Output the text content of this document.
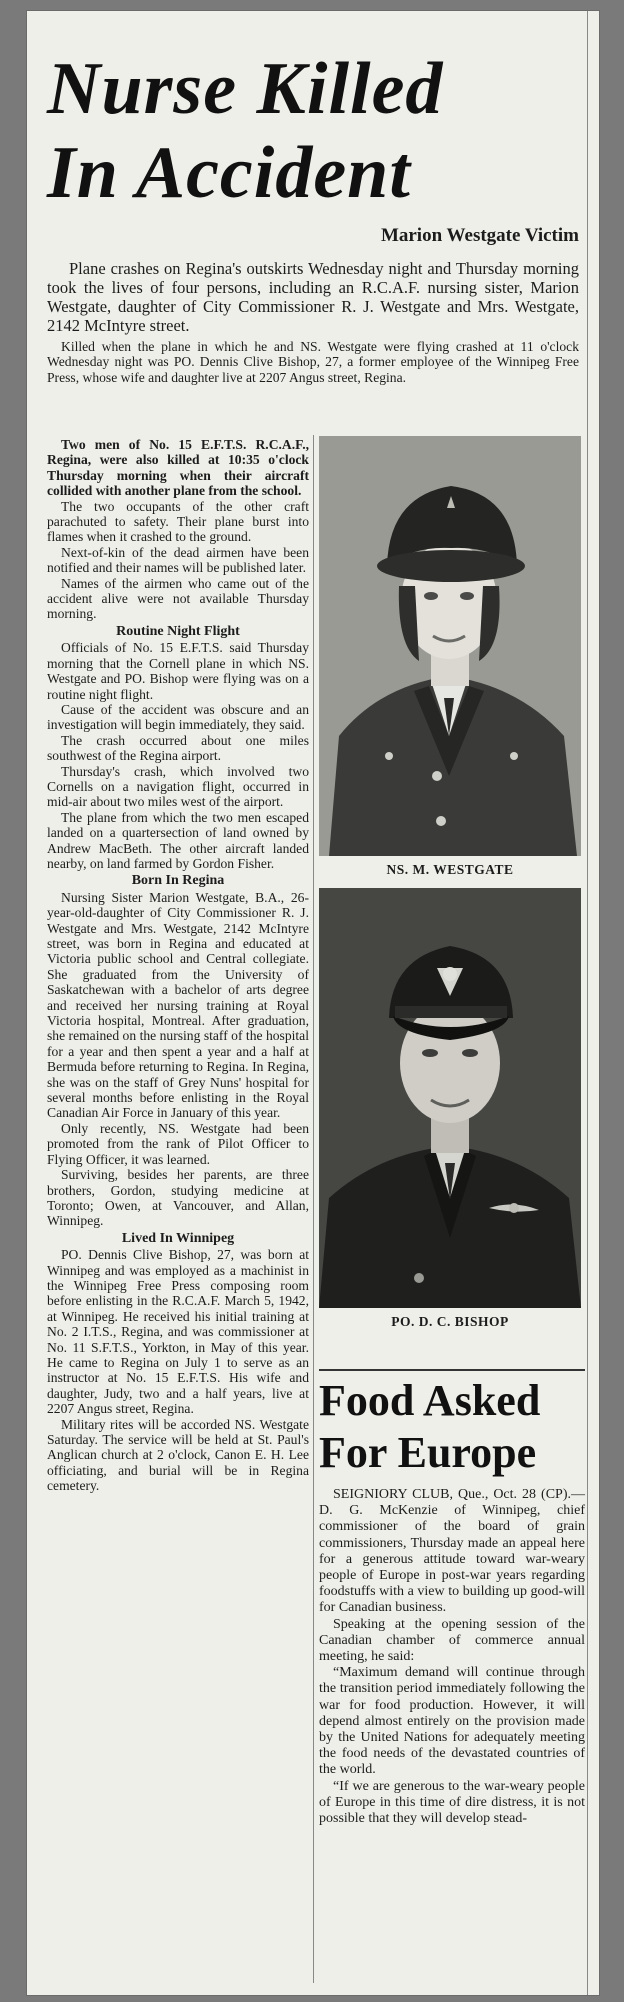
Nurse Killed
In Accident
Marion Westgate Victim

Plane crashes on Regina's outskirts Wednesday night and Thursday morning took the lives of four persons, including an R.C.A.F. nursing sister, Marion Westgate, daughter of City Commissioner R. J. Westgate and Mrs. Westgate, 2142 McIntyre street.

Killed when the plane in which he and NS. Westgate were flying crashed at 11 o'clock Wednesday night was PO. Dennis Clive Bishop, 27, a former employee of the Winnipeg Free Press, whose wife and daughter live at 2207 Angus street, Regina.

Two men of No. 15 E.F.T.S. R.C.A.F., Regina, were also killed at 10:35 o'clock Thursday morning when their aircraft collided with another plane from the school.

The two occupants of the other craft parachuted to safety. Their plane burst into flames when it crashed to the ground.

Next-of-kin of the dead airmen have been notified and their names will be published later.

Names of the airmen who came out of the accident alive were not available Thursday morning.

Routine Night Flight

Officials of No. 15 E.F.T.S. said Thursday morning that the Cornell plane in which NS. Westgate and PO. Bishop were flying was on a routine night flight.

Cause of the accident was obscure and an investigation will begin immediately, they said.

The crash occurred about one miles southwest of the Regina airport.

Thursday's crash, which involved two Cornells on a navigation flight, occurred in mid-air about two miles west of the airport.

The plane from which the two men escaped landed on a quartersection of land owned by Andrew MacBeth. The other aircraft landed nearby, on land farmed by Gordon Fisher.

Born In Regina

Nursing Sister Marion Westgate, B.A., 26-year-old-daughter of City Commissioner R. J. Westgate and Mrs. Westgate, 2142 McIntyre street, was born in Regina and educated at Victoria public school and Central collegiate. She graduated from the University of Saskatchewan with a bachelor of arts degree and received her nursing training at Royal Victoria hospital, Montreal. After graduation, she remained on the nursing staff of the hospital for a year and then spent a year and a half at Bermuda before returning to Regina. In Regina, she was on the staff of Grey Nuns' hospital for several months before enlisting in the Royal Canadian Air Force in January of this year.

Only recently, NS. Westgate had been promoted from the rank of Pilot Officer to Flying Officer, it was learned.

Surviving, besides her parents, are three brothers, Gordon, studying medicine at Toronto; Owen, at Vancouver, and Allan, Winnipeg.

Lived In Winnipeg

PO. Dennis Clive Bishop, 27, was born at Winnipeg and was employed as a machinist in the Winnipeg Free Press composing room before enlisting in the R.C.A.F. March 5, 1942, at Winnipeg. He received his initial training at No. 2 I.T.S., Regina, and was commissioner at No. 11 S.F.T.S., Yorkton, in May of this year. He came to Regina on July 1 to serve as an instructor at No. 15 E.F.T.S. His wife and daughter, Judy, two and a half years, live at 2207 Angus street, Regina.

Military rites will be accorded NS. Westgate Saturday. The service will be held at St. Paul's Anglican church at 2 o'clock, Canon E. H. Lee officiating, and burial will be in Regina cemetery.

NS. M. WESTGATE
PO. D. C. BISHOP
Food Asked
For Europe

SEIGNIORY CLUB, Que., Oct. 28 (CP).—D. G. McKenzie of Winnipeg, chief commissioner of the board of grain commissioners, Thursday made an appeal here for a generous attitude toward war-weary people of Europe in post-war years regarding foodstuffs with a view to building up good-will for Canadian business.

Speaking at the opening session of the Canadian chamber of commerce annual meeting, he said:

“Maximum demand will continue through the transition period immediately following the war for food production. However, it will depend almost entirely on the provision made by the United Nations for adequately meeting the food needs of the devastated countries of the world.

“If we are generous to the war-weary people of Europe in this time of dire distress, it is not possible that they will develop stead-
